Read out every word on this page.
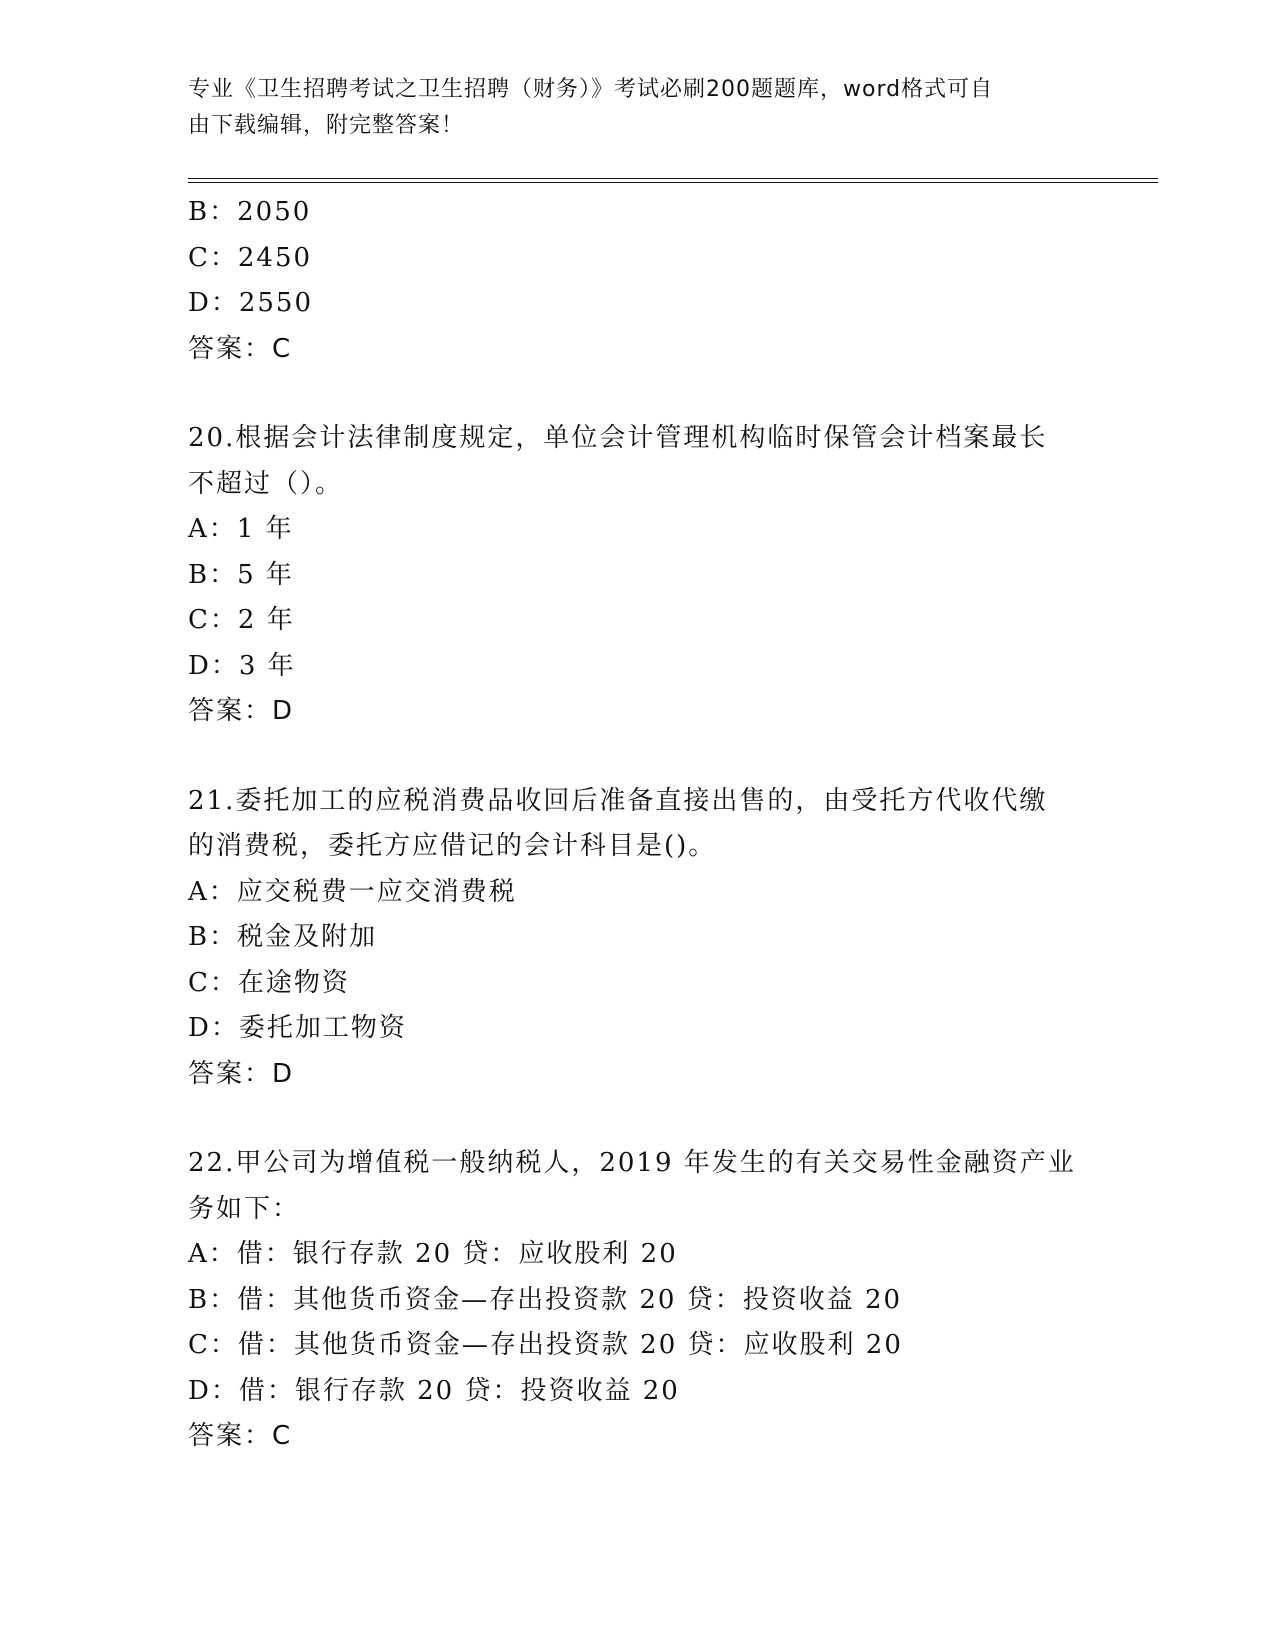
专业《卫生招聘考试之卫生招聘（财务）》考试必刷200题题库，word格式可自
由下载编辑，附完整答案！
B：2050
C：2450
D：2550
答案：C
20.根据会计法律制度规定，单位会计管理机构临时保管会计档案最长
不超过（）。
A：1 年
B：5 年
C：2 年
D：3 年
答案：D
21.委托加工的应税消费品收回后准备直接出售的，由受托方代收代缴
的消费税，委托方应借记的会计科目是()。
A：应交税费一应交消费税
B：税金及附加
C：在途物资
D：委托加工物资
答案：D
22.甲公司为增值税一般纳税人，2019 年发生的有关交易性金融资产业
务如下：
A：借：银行存款 20 贷：应收股利 20
B：借：其他货币资金—存出投资款 20 贷：投资收益 20
C：借：其他货币资金—存出投资款 20 贷：应收股利 20
D：借：银行存款 20 贷：投资收益 20
答案：C
